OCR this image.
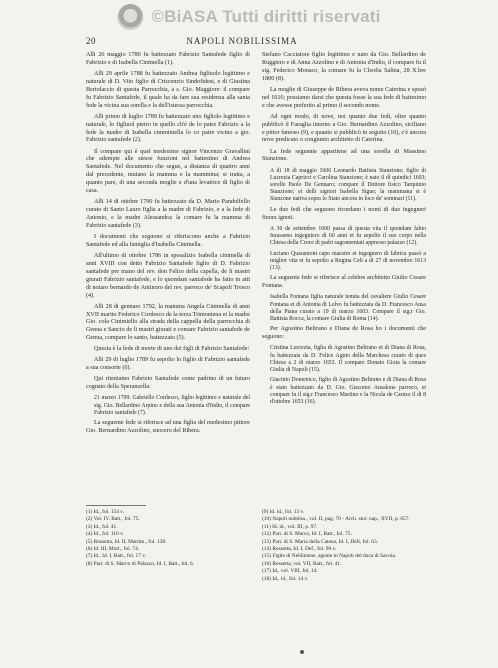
©BiASA Tutti diritti riservati
20	NAPOLI NOBILISSIMA

Alli 26 maggio 1780 fu battezzato Fabrizio Santafede figlio di Fabrizio e di Isabella Cinimella (1).

Alli 29 aprile 1788 fu battezzato Andrea figliuolo legittimo e naturale di D. Vito figlio di Criscenzio Sindofidesi, e di Giustina Bertolaccio di questa Parrocchia, a s. Gio. Maggiore: il compare fu Fabrizio Santafede, il quale ha da fare sua residenza alla santa fede la vicina sua sorella e la dell'istessa parrocchia.

Alli primo di luglio 1789 fu battezzato uno figliolo legittimo e naturale, lo figliuol pietro in quello ch'è de lo patre Fabrizio a la fede la madre di Isabella cimmimella lo co patre vicino a gio. Fabrizio santafede (2).

Il compare qui è quel medesimo signor Vincenzo Gravallini che adempie alle stesse funzioni nel battesimo di Andrea Santafede. Nel documento che segue, a distanza di quattro anni dal precedente, mutano la mamma e la mammina; si tratta, a quanto pare, di una seconda moglie e d'una levatrice di figlio di casa.

Alli 14 di ottobre 1790 fu battezzato da D. Mario Pandolfello curato di Santo Lauro figlia a la madre di Fabrizio, e a la fede di Antonio, e la madre Alessandra; la comare fu la mamma di Fabrizio santafede (3).

I documenti che seguono si riferiscono anche a Fabrizio Santafede ed alla famiglia d'Isabella Cinimella.

All'ultimo di ottobre 1786 in sposalizio Isabella cinimella di anni XVIII con detto Fabrizio Santafede figlio di D. Fabrizio santafede per mano del rev. don Felice della capella, de li mastri giurati Fabrizio santafede, e lo quondam santafede ha fatto in atti di notaro bernardo de Antinoro del rev. parroco de' Scapoli Tresco (4).

Alli 28 di gennaro 1792, la mamma Angela Cinimella di anni XVII marito Federico Cordesco de la terza Trimontena et la madre Gio. cola Cinimiello alla strada della cappella della parrocchia di Genua e Sancio de li mastri giurati e comare Fabrizio santafede de Genua, compare lo santo, battezzato (5).

Questa è la fede di morte di uno dei figli di Fabrizio Santafede:

Alli 29 di luglio 1789 fu sepolto lo figlio di Fabrizio santafede a sua consorte (6).

Qui riteniamo Fabrizio Santafede come padrino di un futuro cognato della Speranzella:

21 marzo 1799. Gabriello Cordesco, figlio legittimo e naturale del sig. Gio. Bellardino Arpino e della sua Antonia d'Indio, il compare Fabrizio santafede (7).

La seguente fede si riferisce ad una figlia del medesimo pittore Gio. Bernardino Azzolino, suocero del Ribera.

Stefano Cacciatore figlio legittimo e nato da Gio. Bellardino de Ruggiero e di Anna Azzolino e di Antonia d'Indio, il compare fu il sig. Federico Monaco, la comare fu la Cleofia Salina, 28 X.bre 1800 (8).

La moglie di Giuseppe de Ribera aveva nome Caterina e sposò nel 1616; possiamo darsi che questa fosse la sua fede di battesimo e che avesse preferito al primo il secondo nome.

Ad ogni modo, di nove, noi quanto due fedi, oltre quanto pubblicò il Faraglia intorno a Gio. Bernardino Azzolino, siciliano e pittor famoso (9), e quanto si pubblicò in seguito (10), c'è ancora nove predicato o congiunto architetto di Caterina.

La fede seguente appartiene ad una sorella di Massimo Stanzione.

A di 18 di maggio 1606 Leonardo Battista Stanzione; figlio di Lucrezia Capricci e Carolina Stanzione; è nato il dì quindici 1603; sorelle Paolo De Gennaro; compare il Dottore fisico Tarquinio Stanzione; et delli signori Isabella Sigue; la mammana si è Stanzone nativa sopra lo Stato ancora in loco de' sommari (11).

Le due fedi che seguono ricordano i nomi di due ingegneri finora ignoti.

A 30 de settembre 1600 passa di questa vita il quondam fabio Iurasseno ingegniero di 60 anni et fu sepolto il suo corpo nella Chiesa della Croce di padri sagramentati appresso palazzo (12).

Luciano Quarantoni capo maestro et ingegnero di fabrica passò a miglior vita et fu sepolto a Regina Celi a di 27 di novembre 1613 (13).

La seguente fede si riferisce al celebre architetto Giulio Cesare Fontana.

Isabella Fontana figlia naturale tenuta del cavaliere Giulio Cesare Fontana et di Antonia di Lelvo fu battezzata da D. Francesco Ansa della Piana curato a 19 di marzo 1603. Compare il sig.r Gio. Battista Rocca, la comare Giulia di Roma (14).

Per Agostino Beltrano e Diana de Rosa ho i documenti che seguono:

Cristina Lucrezia, figlia di Agostino Beltrano et di Diana di Rosa, fu battezzata da D. Felice Agnio della Marchesa curato di ques Chiesa a 2 di marzo 1653. Il compare Donato Gioia la comare Giulia di Napoli (15).

Giacinto Domenico, figlio di Agostino Beltrano e di Diana di Rosa è stato battezzato da D. Gio. Giacomo Ansalone parroco, et compare fu il sig.r Francesco Martino e la Nicola de Caruso il di 8 d'ottobre 1653 (16).

(1) Id., fol. 154 v.
(2) Vol. IV. Batt., fol. 75.
(3) Id., fol. 41.
(4) Id., fol. 110 v.
(5) Rossetta, Id. II, Matrim., fol. 138.
(6) Id. III, Mort., fol. 74.
(7) Id., Id. I, Batt., fol. 17 v.
(8) Parr. di S. Marco di Palazzo, Id. I, Batt., fol. 6.
(9) Id. id., fol. 13 v.
(10) Napoli nobiliss., vol. II, pag. 70 - Arch. stor. nap., XVII, p. 657.
(11) Id. id., vol. III, p. 97.
(12) Parr. di S. Marco, Id. I, Batt., fol. 75.
(13) Parr. di S. Maria della Catena, Id. I, Defi, fol. 63.
(14) Rossetta, Id. I, Def., fol. 90 v.
(15) Figlie di Neblimene, agente in Napoli del duca di Savoia.
(16) Rossetta, vol. VII, Batt., fol. 41.
(17) Id., vol. VIII, fol. 14.
(18) Id., id., fol. 14 v.
